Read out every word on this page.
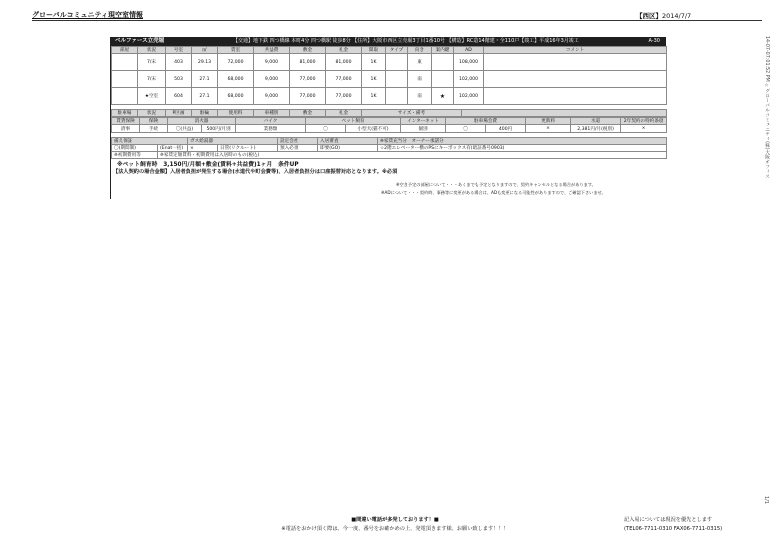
グローバルコミュニティ現空室情報	【西区】2014/7/7
ベルファース立売堀	【交通】地下鉄 四つ橋線 本町4分 四つ橋駅 徒歩8分 【住所】大阪市西区立売堀3丁目1番10号 【構造】RC造14階建・全110戸【竣工】平成16年3月竣工	A-30
部屋	状況	号室	㎡	賃室	共益費	敷金	礼金	間取	タイプ	向き	案内鍵	AD	コメント
	7/末	403	29.13	72,000	9,000	81,000	81,000	1K		東		108,000	
	7/末	503	27.1	68,000	9,000	77,000	77,000	1K		南		102,000	
	★空室	604	27.1	68,000	9,000	77,000	77,000	1K		南	★	102,000	
駐車場	状況	P区画	駐輪	使用料	車種別	敷金	礼金	サイズ・備考	
賃貸保険	保険	消火器		バイク	ペット飼育		インターネット	駐車場会費		更新料	水道	2年契約の特約条項
済事	手続	〇(共益)	500円/月別	業務類	〇	小型犬(猫不可)	個別	〇	400円	×	2,381円/月(税別)	×
備え保証		ガス給湯器		設定会社	入居審査	※家賃充当分　 オーナー承諾分
〇(期間制)	(Enat一括)	×	日管(リクルート)	預入必須	即要(GO)	☆2階エレベーター横のPSにキーボックス有(暗証番号0903)
※初期費用等	※家賃定額賃料・初期費用は入居時のもの(税込)					
※ペット飼育時　3,150円/月額+敷金(賃料+共益費)1ヶ月　条件UP
【法人契約の場合金額】入居者負担が発生する場合(水道代や町会費等)、入居者負担分は口座振替対応となります。※必須
※空き予定の部屋について・・・あくまでも予定となりますので、契約キャンセルとなる場合があります。
※ADについて・・・契約時、事務等に変更がある場合は、ADも変更になる可能性がありますので、ご確認下さいませ。
14-07-07:01:52 PM ☆グローバルコミュニティ(株)大阪オフィス
1/1
■間違い電話が多発しております！■
※電話をおかけ頂く際は、今一度、番号をお確かめの上、発電頂きます様、お願い致します！！！
記入易については現況を優先とします
(TEL06-7711-0310 FAX06-7711-0315)
